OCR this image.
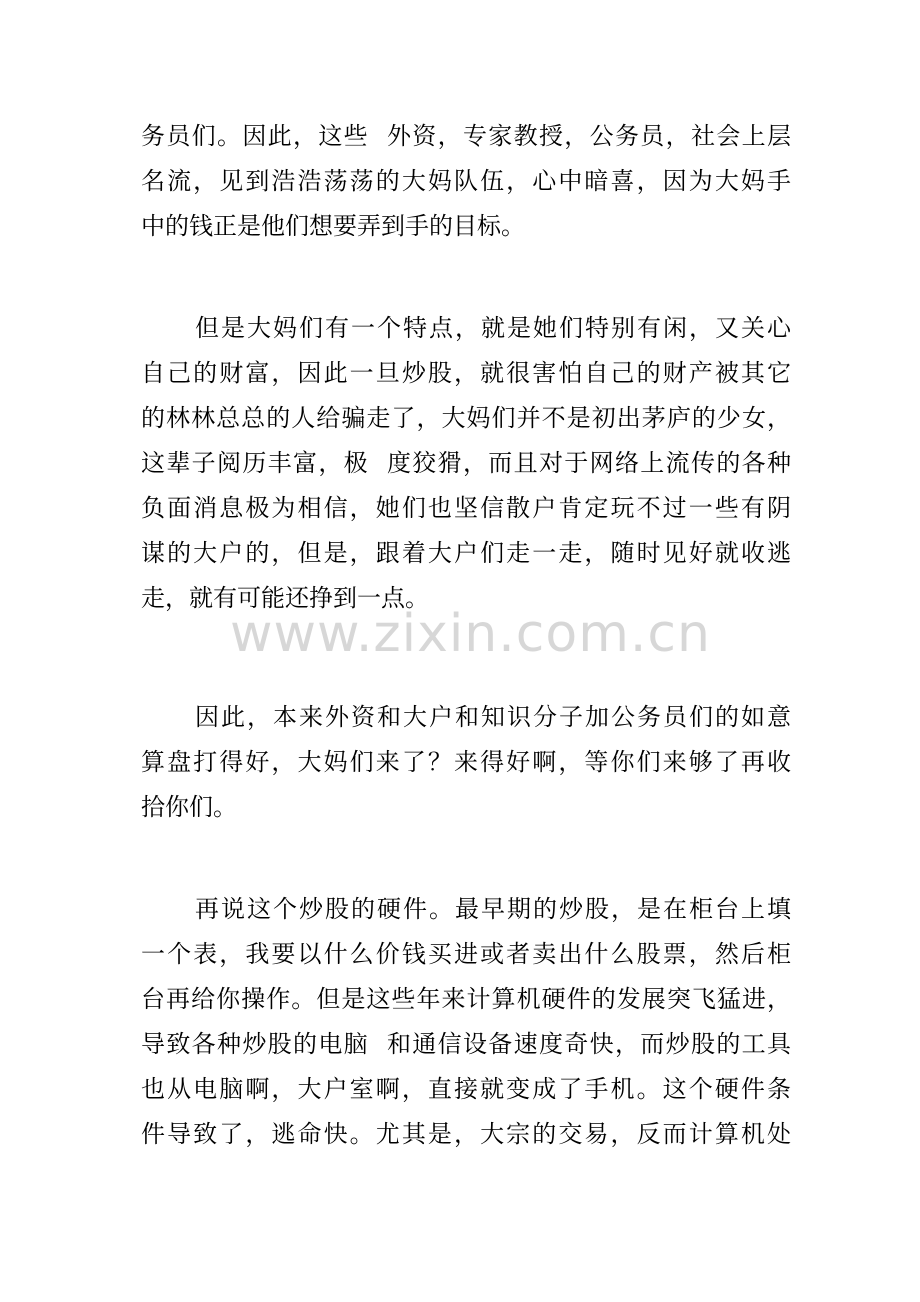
务员们。因此，这些  外资，专家教授，公务员，社会上层
名流，见到浩浩荡荡的大妈队伍，心中暗喜，因为大妈手
中的钱正是他们想要弄到手的目标。
但是大妈们有一个特点，就是她们特别有闲，又关心
自己的财富，因此一旦炒股，就很害怕自己的财产被其它
的林林总总的人给骗走了，大妈们并不是初出茅庐的少女，
这辈子阅历丰富，极  度狡猾，而且对于网络上流传的各种
负面消息极为相信，她们也坚信散户肯定玩不过一些有阴
谋的大户的，但是，跟着大户们走一走，随时见好就收逃
走，就有可能还挣到一点。
因此，本来外资和大户和知识分子加公务员们的如意
算盘打得好，大妈们来了？来得好啊，等你们来够了再收
拾你们。
再说这个炒股的硬件。最早期的炒股，是在柜台上填
一个表，我要以什么价钱买进或者卖出什么股票，然后柜
台再给你操作。但是这些年来计算机硬件的发展突飞猛进，
导致各种炒股的电脑  和通信设备速度奇快，而炒股的工具
也从电脑啊，大户室啊，直接就变成了手机。这个硬件条
件导致了，逃命快。尤其是，大宗的交易，反而计算机处
www.zixin.com.cn
